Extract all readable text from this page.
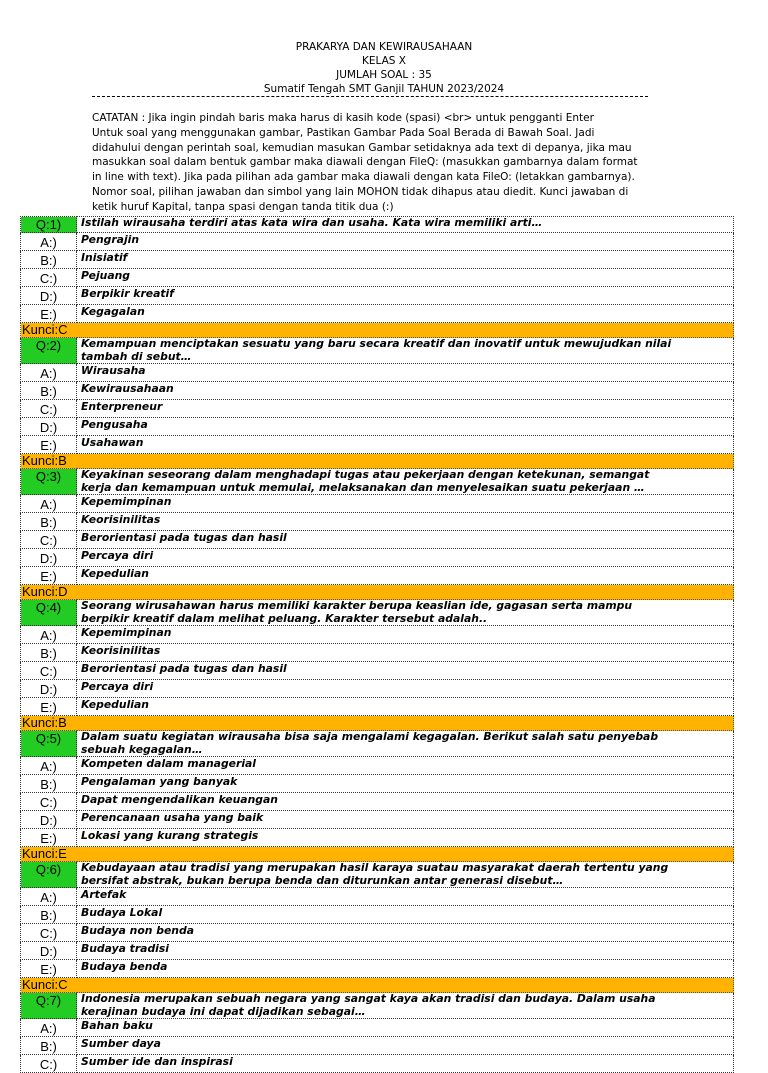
PRAKARYA DAN KEWIRAUSAHAAN
KELAS X
JUMLAH SOAL : 35
Sumatif Tengah SMT Ganjil TAHUN 2023/2024
CATATAN : Jika ingin pindah baris maka harus di kasih kode (spasi) <br> untuk pengganti Enter
Untuk soal yang menggunakan gambar, Pastikan Gambar Pada Soal Berada di Bawah Soal. Jadi
didahului dengan perintah soal, kemudian masukan Gambar setidaknya ada text di depanya, jika mau
masukkan soal dalam bentuk gambar maka diawali dengan FileQ: (masukkan gambarnya dalam format
in line with text). Jika pada pilihan ada gambar maka diawali dengan kata FileO: (letakkan gambarnya).
Nomor soal, pilihan jawaban dan simbol yang lain MOHON tidak dihapus atau diedit. Kunci jawaban di
ketik huruf Kapital, tanpa spasi dengan tanda titik dua (:)
Q:1)	Istilah wirausaha terdiri atas kata wira dan usaha. Kata wira memiliki arti…

A:)	Pengrajin
B:)	Inisiatif
C:)	Pejuang
D:)	Berpikir kreatif
E:)	Kegagalan
Kunci:C	
Q:2)	Kemampuan menciptakan sesuatu yang baru secara kreatif dan inovatif untuk mewujudkan nilai
tambah di sebut…

A:)	Wirausaha
B:)	Kewirausahaan
C:)	Enterpreneur
D:)	Pengusaha
E:)	Usahawan
Kunci:B	
Q:3)	Keyakinan seseorang dalam menghadapi tugas atau pekerjaan dengan ketekunan, semangat
kerja dan kemampuan untuk memulai, melaksanakan dan menyelesaikan suatu pekerjaan …

A:)	Kepemimpinan
B:)	Keorisinilitas
C:)	Berorientasi pada tugas dan hasil
D:)	Percaya diri
E:)	Kepedulian
Kunci:D	
Q:4)	Seorang wirusahawan harus memiliki karakter berupa keaslian ide, gagasan serta mampu
berpikir kreatif dalam melihat peluang. Karakter tersebut adalah..

A:)	Kepemimpinan
B:)	Keorisinilitas
C:)	Berorientasi pada tugas dan hasil
D:)	Percaya diri
E:)	Kepedulian
Kunci:B	
Q:5)	Dalam suatu kegiatan wirausaha bisa saja mengalami kegagalan. Berikut salah satu penyebab
sebuah kegagalan…

A:)	Kompeten dalam managerial
B:)	Pengalaman yang banyak
C:)	Dapat mengendalikan keuangan
D:)	Perencanaan usaha yang baik
E:)	Lokasi yang kurang strategis
Kunci:E	
Q:6)	Kebudayaan atau tradisi yang merupakan hasil karaya suatau masyarakat daerah tertentu yang
bersifat abstrak, bukan berupa benda dan diturunkan antar generasi disebut…

A:)	Artefak
B:)	Budaya Lokal
C:)	Budaya non benda
D:)	Budaya tradisi
E:)	Budaya benda
Kunci:C	
Q:7)	Indonesia merupakan sebuah negara yang sangat kaya akan tradisi dan budaya. Dalam usaha
kerajinan budaya ini dapat dijadikan sebagai…

A:)	Bahan baku
B:)	Sumber daya
C:)	Sumber ide dan inspirasi
